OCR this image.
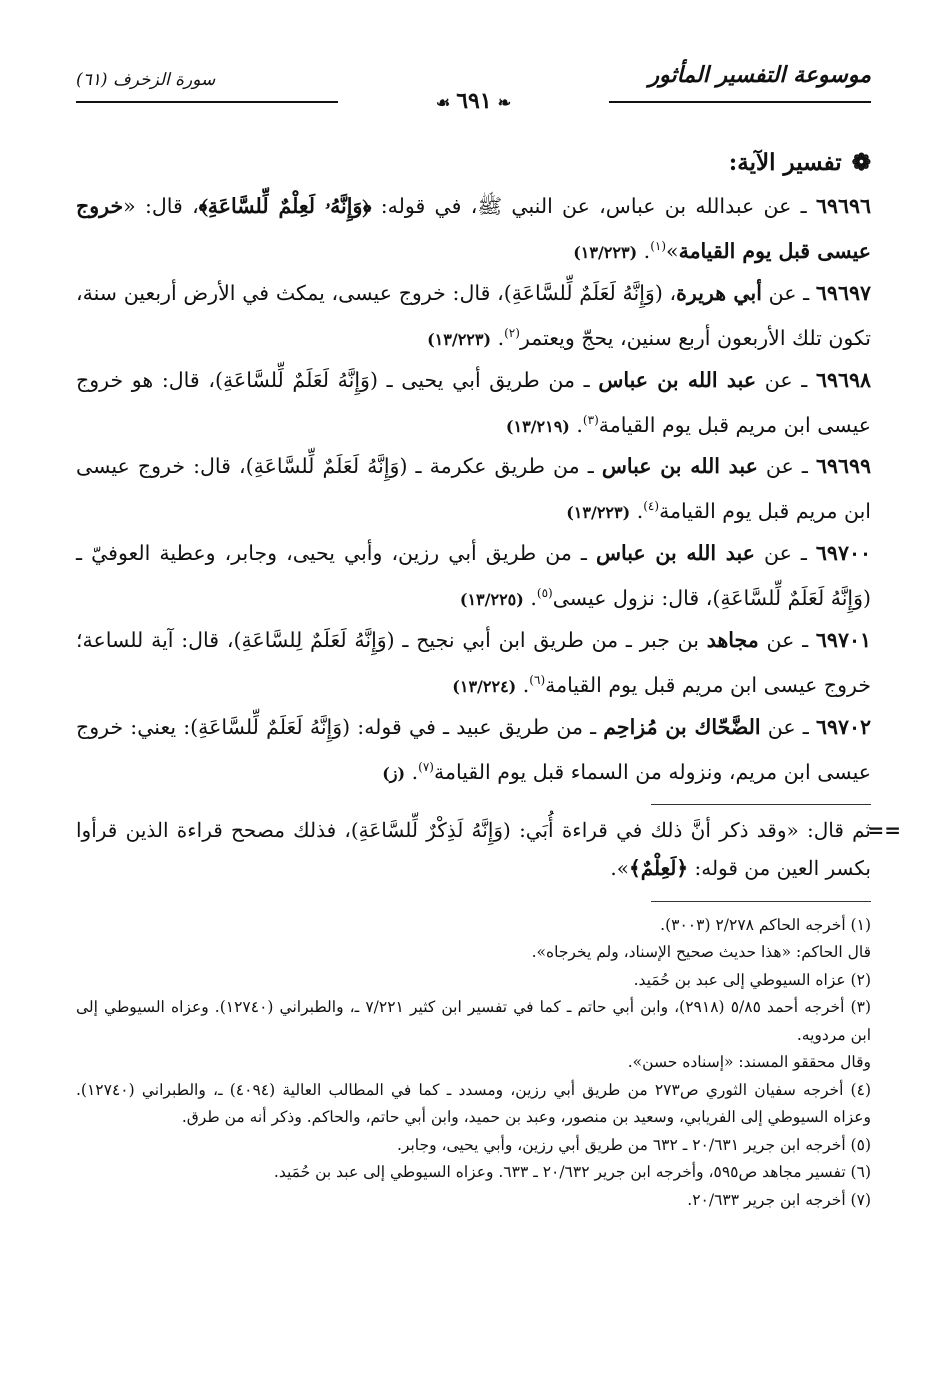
موسوعة التفسير المأثور
سورة الزخرف (٦١)
❧٦٩١☙
❁تفسير الآية:
٦٩٦٩٦ ـ عن عبدالله بن عباس، عن النبي ﷺ، في قوله: ﴿وَإِنَّهُۥ لَعِلْمٌ لِّلسَّاعَةِ﴾، قال: «خروج عيسى قبل يوم القيامة»$^{(١)}$. (١٣/٢٢٣)
٦٩٦٩٧ ـ عن أبي هريرة، (وَإِنَّهُ لَعَلَمٌ لِّلسَّاعَةِ)، قال: خروج عيسى، يمكث في الأرض أربعين سنة، تكون تلك الأربعون أربع سنين، يحجّ ويعتمر$^{(٢)}$. (١٣/٢٢٣)
٦٩٦٩٨ ـ عن عبد الله بن عباس ـ من طريق أبي يحيى ـ (وَإِنَّهُ لَعَلَمٌ لِّلسَّاعَةِ)، قال: هو خروج عيسى ابن مريم قبل يوم القيامة$^{(٣)}$. (١٣/٢١٩)
٦٩٦٩٩ ـ عن عبد الله بن عباس ـ من طريق عكرمة ـ (وَإِنَّهُ لَعَلَمٌ لِّلسَّاعَةِ)، قال: خروج عيسى ابن مريم قبل يوم القيامة$^{(٤)}$. (١٣/٢٢٣)
٦٩٧٠٠ ـ عن عبد الله بن عباس ـ من طريق أبي رزين، وأبي يحيى، وجابر، وعطية العوفيّ ـ (وَإِنَّهُ لَعَلَمٌ لِّلسَّاعَةِ)، قال: نزول عيسى$^{(٥)}$. (١٣/٢٢٥)
٦٩٧٠١ ـ عن مجاهد بن جبر ـ من طريق ابن أبي نجيح ـ (وَإِنَّهُ لَعَلَمٌ لِلسَّاعَةِ)، قال: آية للساعة؛ خروج عيسى ابن مريم قبل يوم القيامة$^{(٦)}$. (١٣/٢٢٤)
٦٩٧٠٢ ـ عن الضَّحّاك بن مُزاحِم ـ من طريق عبيد ـ في قوله: (وَإِنَّهُ لَعَلَمٌ لِّلسَّاعَةِ): يعني: خروج عيسى ابن مريم، ونزوله من السماء قبل يوم القيامة$^{(٧)}$. (ز)
==
ثم قال: «وقد ذكر أنَّ ذلك في قراءة أُبَي: (وَإِنَّهُ لَذِكْرٌ لِّلسَّاعَةِ)، فذلك مصحح قراءة الذين قرأوا بكسر العين من قوله: ﴿لَعِلْمٌ﴾».
(١) أخرجه الحاكم ٢/٢٧٨ (٣٠٠٣).
قال الحاكم: «هذا حديث صحيح الإسناد، ولم يخرجاه».
(٢) عزاه السيوطي إلى عبد بن حُمَيد.
(٣) أخرجه أحمد ٥/٨٥ (٢٩١٨)، وابن أبي حاتم ـ كما في تفسير ابن كثير ٧/٢٢١ ـ، والطبراني (١٢٧٤٠). وعزاه السيوطي إلى ابن مردويه.
وقال محققو المسند: «إسناده حسن».
(٤) أخرجه سفيان الثوري ص٢٧٣ من طريق أبي رزين، ومسدد ـ كما في المطالب العالية (٤٠٩٤) ـ، والطبراني (١٢٧٤٠). وعزاه السيوطي إلى الفريابي، وسعيد بن منصور، وعبد بن حميد، وابن أبي حاتم، والحاكم. وذكر أنه من طرق.
(٥) أخرجه ابن جرير ٢٠/٦٣١ ـ ٦٣٢ من طريق أبي رزين، وأبي يحيى، وجابر.
(٦) تفسير مجاهد ص٥٩٥، وأخرجه ابن جرير ٢٠/٦٣٢ ـ ٦٣٣. وعزاه السيوطي إلى عبد بن حُمَيد.
(٧) أخرجه ابن جرير ٢٠/٦٣٣.
